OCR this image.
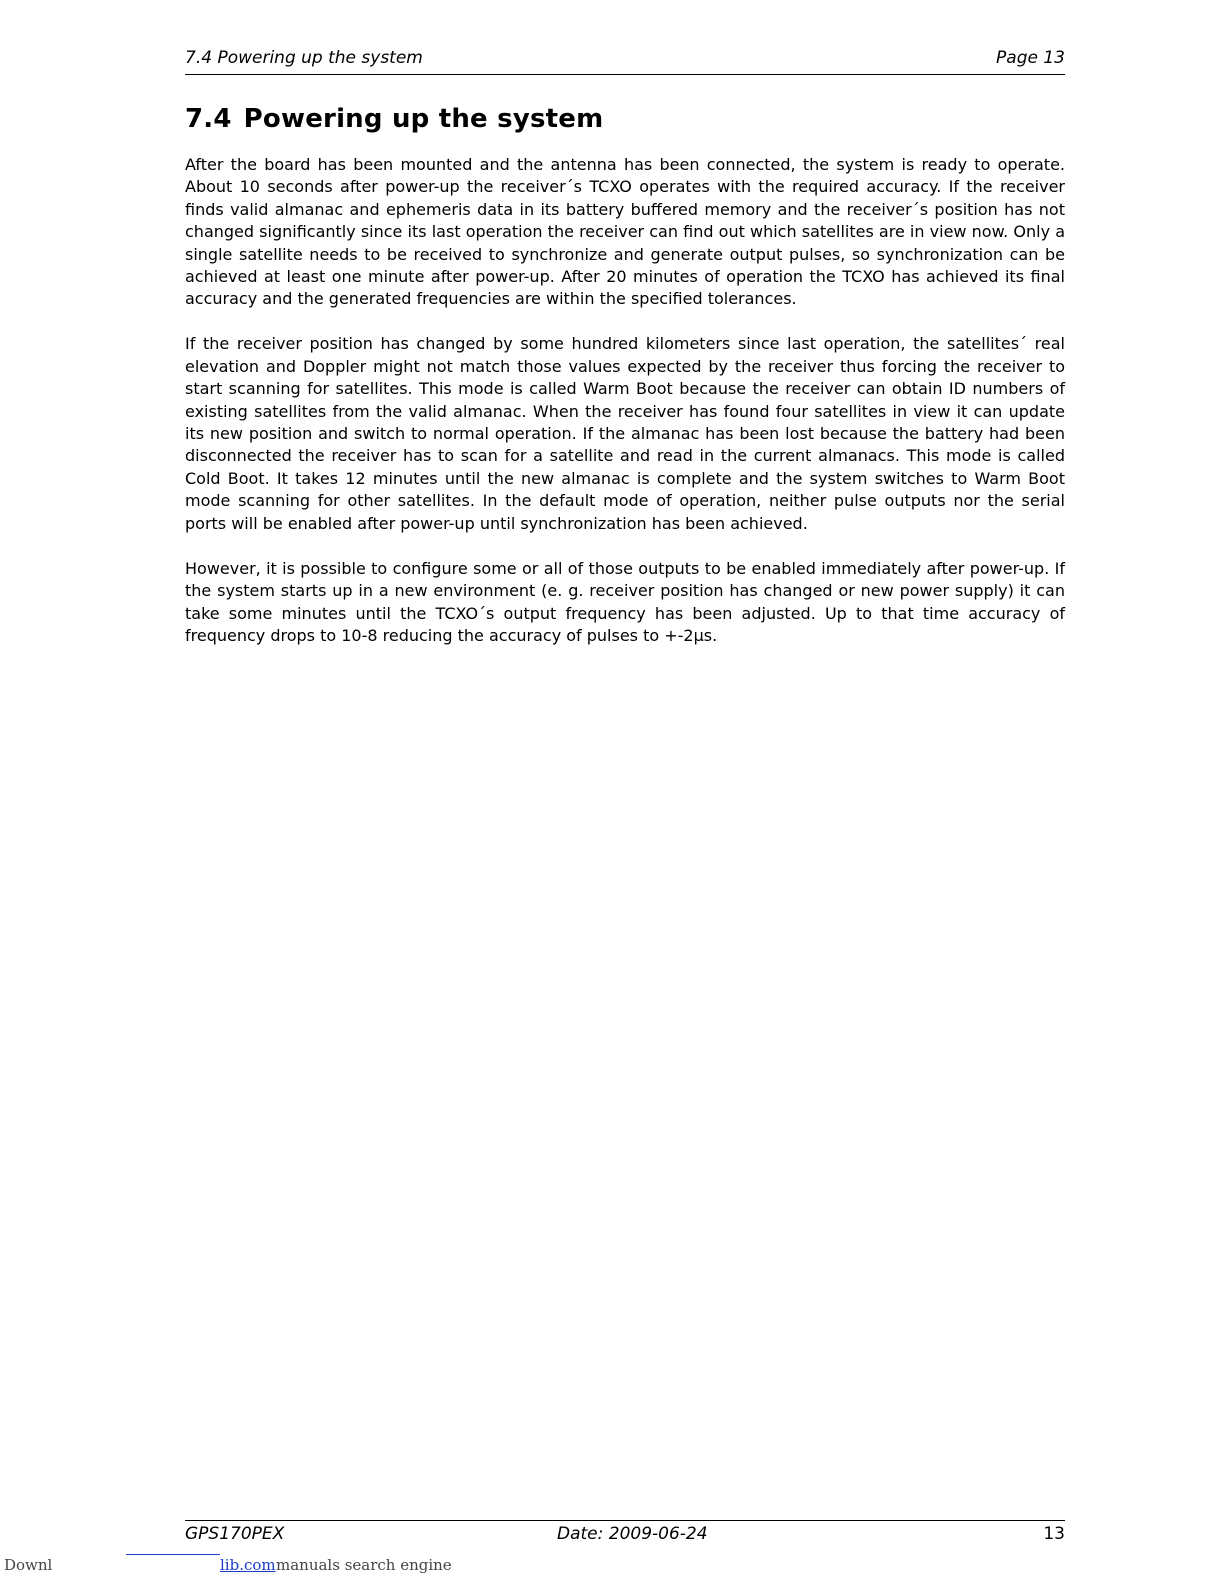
7.4 Powering up the system	Page 13
7.4 Powering up the system

After the board has been mounted and the antenna has been connected, the system is ready to operate. About 10 seconds after power-up the receiver´s TCXO operates with the required accuracy. If the receiver finds valid almanac and ephemeris data in its battery buffered memory and the receiver´s position has not changed significantly since its last operation the receiver can find out which satellites are in view now. Only a single satellite needs to be received to synchronize and generate output pulses, so synchronization can be achieved at least one minute after power-up. After 20 minutes of operation the TCXO has achieved its final accuracy and the generated frequencies are within the specified tolerances.

If the receiver position has changed by some hundred kilometers since last operation, the satellites´ real elevation and Doppler might not match those values expected by the receiver thus forcing the receiver to start scanning for satellites. This mode is called Warm Boot because the receiver can obtain ID numbers of existing satellites from the valid almanac. When the receiver has found four satellites in view it can update its new position and switch to normal operation. If the almanac has been lost because the battery had been disconnected the receiver has to scan for a satellite and read in the current almanacs. This mode is called Cold Boot. It takes 12 minutes until the new almanac is complete and the system switches to Warm Boot mode scanning for other satellites. In the default mode of operation, neither pulse outputs nor the serial ports will be enabled after power-up until synchronization has been achieved.

However, it is possible to configure some or all of those outputs to be enabled immediately after power-up. If the system starts up in a new environment (e. g. receiver position has changed or new power supply) it can take some minutes until the TCXO´s output frequency has been adjusted. Up to that time accuracy of frequency drops to 10-8 reducing the accuracy of pulses to +-2µs.

GPS170PEX	Date: 2009-06-24	13
Downl	lib.com manuals search engine
